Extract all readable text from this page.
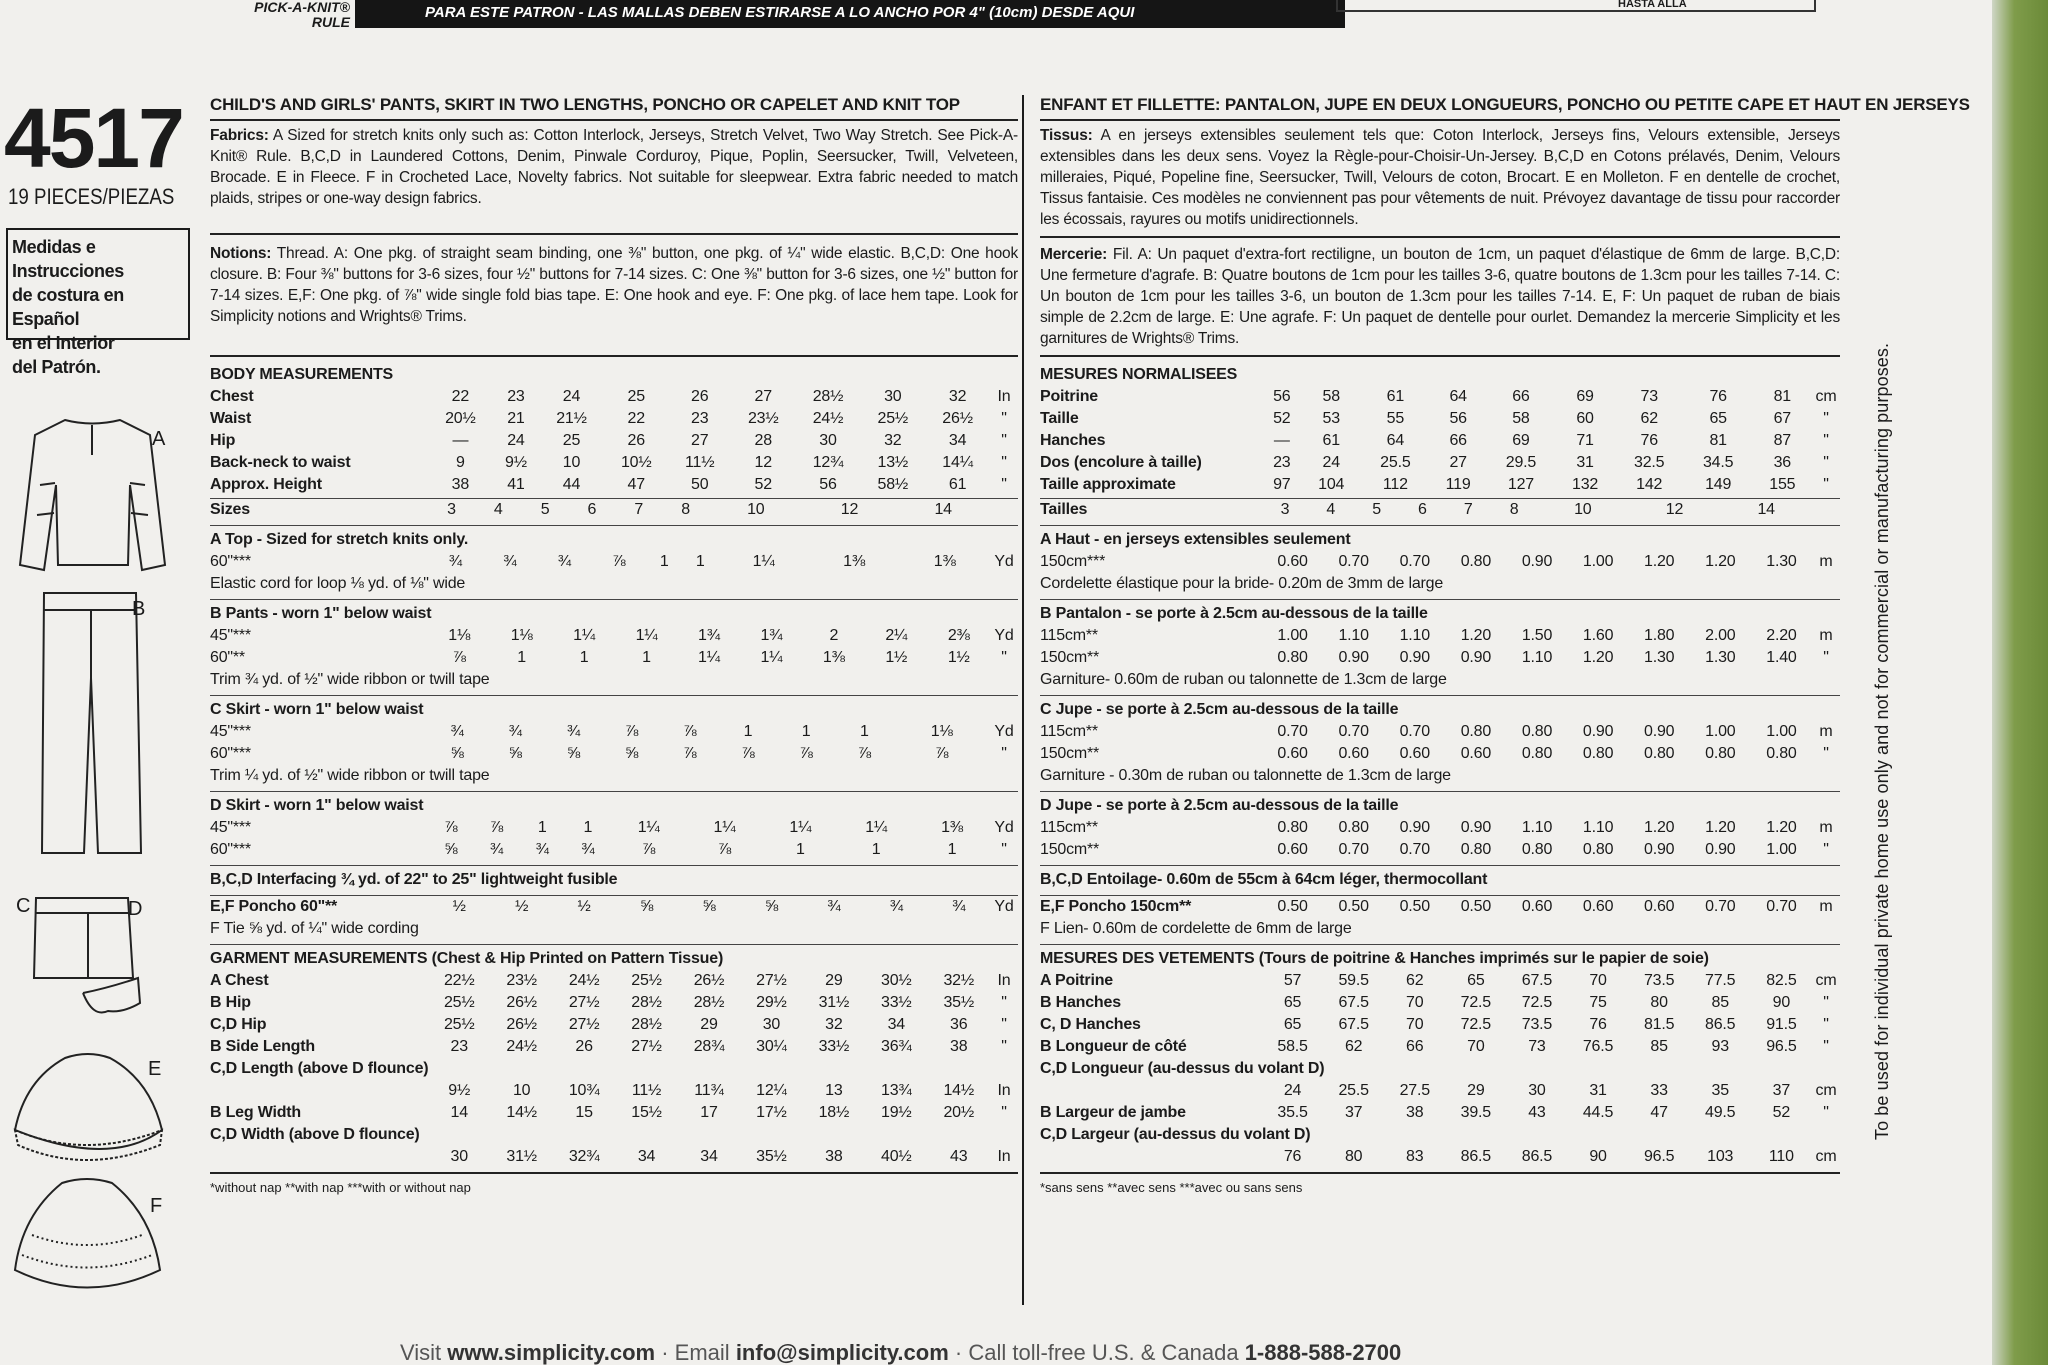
PICK-A-KNIT®
RULE
PARA ESTE PATRON - LAS MALLAS DEBEN ESTIRARSE A LO ANCHO POR 4" (10cm) DESDE AQUI	HASTA ALLA
4517
19 PIECES/PIEZAS
Medidas e Instrucciones
de costura en Español
en el Interior
del Patrón.
A
B
C	D
E
F
CHILD'S AND GIRLS' PANTS, SKIRT IN TWO LENGTHS, PONCHO OR CAPELET AND KNIT TOP
Fabrics: A Sized for stretch knits only such as: Cotton Interlock, Jerseys, Stretch Velvet, Two Way Stretch. See Pick-A-Knit® Rule. B,C,D in Laundered Cottons, Denim, Pinwale Corduroy, Pique, Poplin, Seersucker, Twill, Velveteen, Brocade. E in Fleece. F in Crocheted Lace, Novelty fabrics. Not suitable for sleepwear. Extra fabric needed to match plaids, stripes or one-way design fabrics.
Notions: Thread. A: One pkg. of straight seam binding, one ⅜" button, one pkg. of ¼" wide elastic. B,C,D: One hook closure. B: Four ⅜" buttons for 3-6 sizes, four ½" buttons for 7-14 sizes. C: One ⅜" button for 3-6 sizes, one ½" button for 7-14 sizes. E,F: One pkg. of ⅞" wide single fold bias tape. E: One hook and eye. F: One pkg. of lace hem tape. Look for Simplicity notions and Wrights® Trims.
BODY MEASUREMENTS										
Chest	22	23	24	25	26	27	28½	30	32	In
Waist	20½	21	21½	22	23	23½	24½	25½	26½	"
Hip	—	24	25	26	27	28	30	32	34	"
Back-neck to waist	9	9½	10	10½	11½	12	12¾	13½	14¼	"
Approx. Height	38	41	44	47	50	52	56	58½	61	"
Sizes	3	4	5	6	7	8	10	12	14	
A Top - Sized for stretch knits only.
60"***	¾	¾	¾	⅞	1	1	1¼	1⅜	1⅜	Yd
Elastic cord for loop ⅛ yd. of ⅛" wide
B Pants - worn 1" below waist										
45"***	1⅛	1⅛	1¼	1¼	1¾	1¾	2	2¼	2⅜	Yd
60"**	⅞	1	1	1	1¼	1¼	1⅜	1½	1½	"
Trim ¾ yd. of ½" wide ribbon or twill tape										
C Skirt - worn 1" below waist										
45"***	¾	¾	¾	⅞	⅞	1	1	1	1⅛	Yd
60"***	⅝	⅝	⅝	⅝	⅞	⅞	⅞	⅞	⅞	"
Trim ¼ yd. of ½" wide ribbon or twill tape										
D Skirt - worn 1" below waist										
45"***	⅞	⅞	1	1	1¼	1¼	1¼	1¼	1⅜	Yd
60"***	⅝	¾	¾	¾	⅞	⅞	1	1	1	"
B,C,D Interfacing ¾ yd. of 22" to 25" lightweight fusible
E,F Poncho 60"**	½	½	½	⅝	⅝	⅝	¾	¾	¾	Yd
F Tie ⅝ yd. of ¼" wide cording
GARMENT MEASUREMENTS (Chest & Hip Printed on Pattern Tissue)										
A Chest	22½	23½	24½	25½	26½	27½	29	30½	32½	In
B Hip	25½	26½	27½	28½	28½	29½	31½	33½	35½	"
C,D Hip	25½	26½	27½	28½	29	30	32	34	36	"
B Side Length	23	24½	26	27½	28¾	30¼	33½	36¾	38	"
C,D Length (above D flounce)										
	9½	10	10¾	11½	11¾	12¼	13	13¾	14½	In
B Leg Width	14	14½	15	15½	17	17½	18½	19½	20½	"
C,D Width (above D flounce)										
	30	31½	32¾	34	34	35½	38	40½	43	In
*without nap **with nap ***with or without nap
ENFANT ET FILLETTE: PANTALON, JUPE EN DEUX LONGUEURS, PONCHO OU PETITE CAPE ET HAUT EN JERSEYS
Tissus: A en jerseys extensibles seulement tels que: Coton Interlock, Jerseys fins, Velours extensible, Jerseys extensibles dans les deux sens. Voyez la Règle-pour-Choisir-Un-Jersey. B,C,D en Cotons prélavés, Denim, Velours milleraies, Piqué, Popeline fine, Seersucker, Twill, Velours de coton, Brocart. E en Molleton. F en dentelle de crochet, Tissus fantaisie. Ces modèles ne conviennent pas pour vêtements de nuit. Prévoyez davantage de tissu pour raccorder les écossais, rayures ou motifs unidirectionnels.
Mercerie: Fil. A: Un paquet d'extra-fort rectiligne, un bouton de 1cm, un paquet d'élastique de 6mm de large. B,C,D: Une fermeture d'agrafe. B: Quatre boutons de 1cm pour les tailles 3-6, quatre boutons de 1.3cm pour les tailles 7-14. C: Un bouton de 1cm pour les tailles 3-6, un bouton de 1.3cm pour les tailles 7-14. E, F: Un paquet de ruban de biais simple de 2.2cm de large. E: Une agrafe. F: Un paquet de dentelle pour ourlet. Demandez la mercerie Simplicity et les garnitures de Wrights® Trims.
MESURES NORMALISEES										
Poitrine	56	58	61	64	66	69	73	76	81	cm
Taille	52	53	55	56	58	60	62	65	67	"
Hanches	—	61	64	66	69	71	76	81	87	"
Dos (encolure à taille)	23	24	25.5	27	29.5	31	32.5	34.5	36	"
Taille approximate	97	104	112	119	127	132	142	149	155	"
Tailles	3	4	5	6	7	8	10	12	14	
A Haut - en jerseys extensibles seulement
150cm***	0.60	0.70	0.70	0.80	0.90	1.00	1.20	1.20	1.30	m
Cordelette élastique pour la bride- 0.20m de 3mm de large
B Pantalon - se porte à 2.5cm au-dessous de la taille										
115cm**	1.00	1.10	1.10	1.20	1.50	1.60	1.80	2.00	2.20	m
150cm**	0.80	0.90	0.90	0.90	1.10	1.20	1.30	1.30	1.40	"
Garniture- 0.60m de ruban ou talonnette de 1.3cm de large										
C Jupe - se porte à 2.5cm au-dessous de la taille										
115cm**	0.70	0.70	0.70	0.80	0.80	0.90	0.90	1.00	1.00	m
150cm**	0.60	0.60	0.60	0.60	0.80	0.80	0.80	0.80	0.80	"
Garniture - 0.30m de ruban ou talonnette de 1.3cm de large										
D Jupe - se porte à 2.5cm au-dessous de la taille										
115cm**	0.80	0.80	0.90	0.90	1.10	1.10	1.20	1.20	1.20	m
150cm**	0.60	0.70	0.70	0.80	0.80	0.80	0.90	0.90	1.00	"
B,C,D Entoilage- 0.60m de 55cm à 64cm léger, thermocollant
E,F Poncho 150cm**	0.50	0.50	0.50	0.50	0.60	0.60	0.60	0.70	0.70	m
F Lien- 0.60m de cordelette de 6mm de large
MESURES DES VETEMENTS (Tours de poitrine & Hanches imprimés sur le papier de soie)										
A Poitrine	57	59.5	62	65	67.5	70	73.5	77.5	82.5	cm
B Hanches	65	67.5	70	72.5	72.5	75	80	85	90	"
C, D Hanches	65	67.5	70	72.5	73.5	76	81.5	86.5	91.5	"
B Longueur de côté	58.5	62	66	70	73	76.5	85	93	96.5	"
C,D Longueur (au-dessus du volant D)										
	24	25.5	27.5	29	30	31	33	35	37	cm
B Largeur de jambe	35.5	37	38	39.5	43	44.5	47	49.5	52	"
C,D Largeur (au-dessus du volant D)										
	76	80	83	86.5	86.5	90	96.5	103	110	cm
*sans sens **avec sens ***avec ou sans sens
To be used for individual private home use only and not for commercial or manufacturing purposes.
Visit www.simplicity.com · Email info@simplicity.com · Call toll-free U.S. & Canada 1-888-588-2700
